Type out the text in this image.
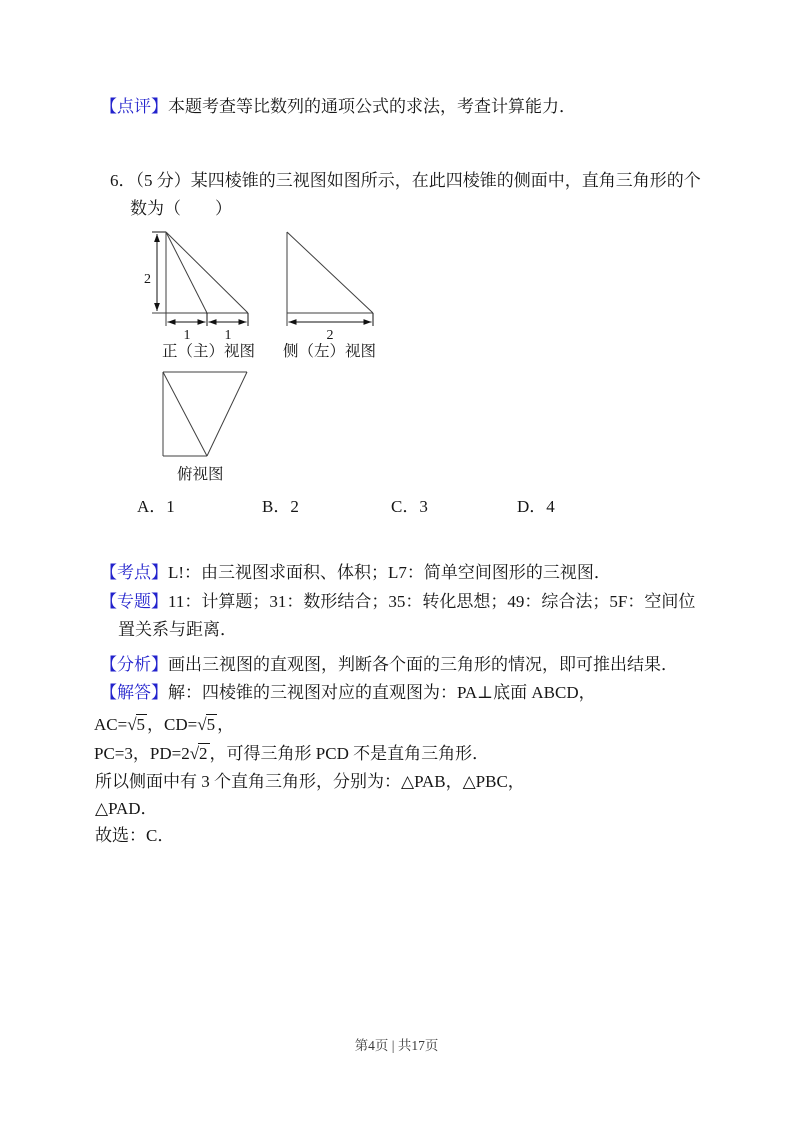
【点评】本题考查等比数列的通项公式的求法，考查计算能力．
6．（5 分）某四棱锥的三视图如图所示，在此四棱锥的侧面中，直角三角形的个
数为（　　）
2
1 1	2
正（主）视图 侧（左）视图
俯视图
A．1	B．2	C．3	D．4
【考点】L!：由三视图求面积、体积；L7：简单空间图形的三视图．
【专题】11：计算题；31：数形结合；35：转化思想；49：综合法；5F：空间位
置关系与距离．
【分析】画出三视图的直观图，判断各个面的三角形的情况，即可推出结果．
【解答】解：四棱锥的三视图对应的直观图为：PA⊥底面 ABCD，
AC=√5 ，CD=√5 ，
PC=3，PD=2√2 ，可得三角形 PCD 不是直角三角形．
所以侧面中有 3 个直角三角形，分别为：△PAB，△PBC，
△PAD．
故选：C．
第4页 | 共17页
